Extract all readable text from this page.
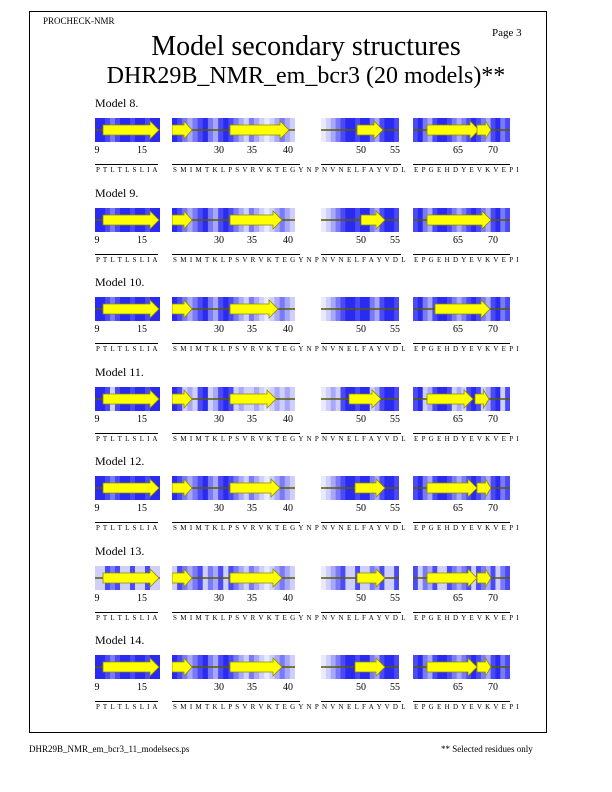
PROCHECK-NMR
Page 3
Model secondary structures
DHR29B_NMR_em_bcr3 (20 models)**
Model 8.
9	15
P T L T L S L I A
30 35	40
S M I M T K L P S V R V K T E G Y N P
50 55
N V N E L F A Y V D L
65	70
E P G E H D Y E V K V E P I
Model 9.
9	15
P T L T L S L I A
30 35	40
S M I M T K L P S V R V K T E G Y N P
50 55
N V N E L F A Y V D L
65	70
E P G E H D Y E V K V E P I
Model 10.
9	15
P T L T L S L I A
30 35	40
S M I M T K L P S V R V K T E G Y N P
50 55
N V N E L F A Y V D L
65	70
E P G E H D Y E V K V E P I
Model 11.
9	15
P T L T L S L I A
30 35	40
S M I M T K L P S V R V K T E G Y N P
50 55
N V N E L F A Y V D L
65	70
E P G E H D Y E V K V E P I
Model 12.
9	15
P T L T L S L I A
30 35	40
S M I M T K L P S V R V K T E G Y N P
50 55
N V N E L F A Y V D L
65	70
E P G E H D Y E V K V E P I
Model 13.
9	15
P T L T L S L I A
30 35	40
S M I M T K L P S V R V K T E G Y N P
50 55
N V N E L F A Y V D L
65	70
E P G E H D Y E V K V E P I
Model 14.
9	15
P T L T L S L I A
30 35	40
S M I M T K L P S V R V K T E G Y N P
50 55
N V N E L F A Y V D L
65	70
E P G E H D Y E V K V E P I
DHR29B_NMR_em_bcr3_11_modelsecs.ps	** Selected residues only
